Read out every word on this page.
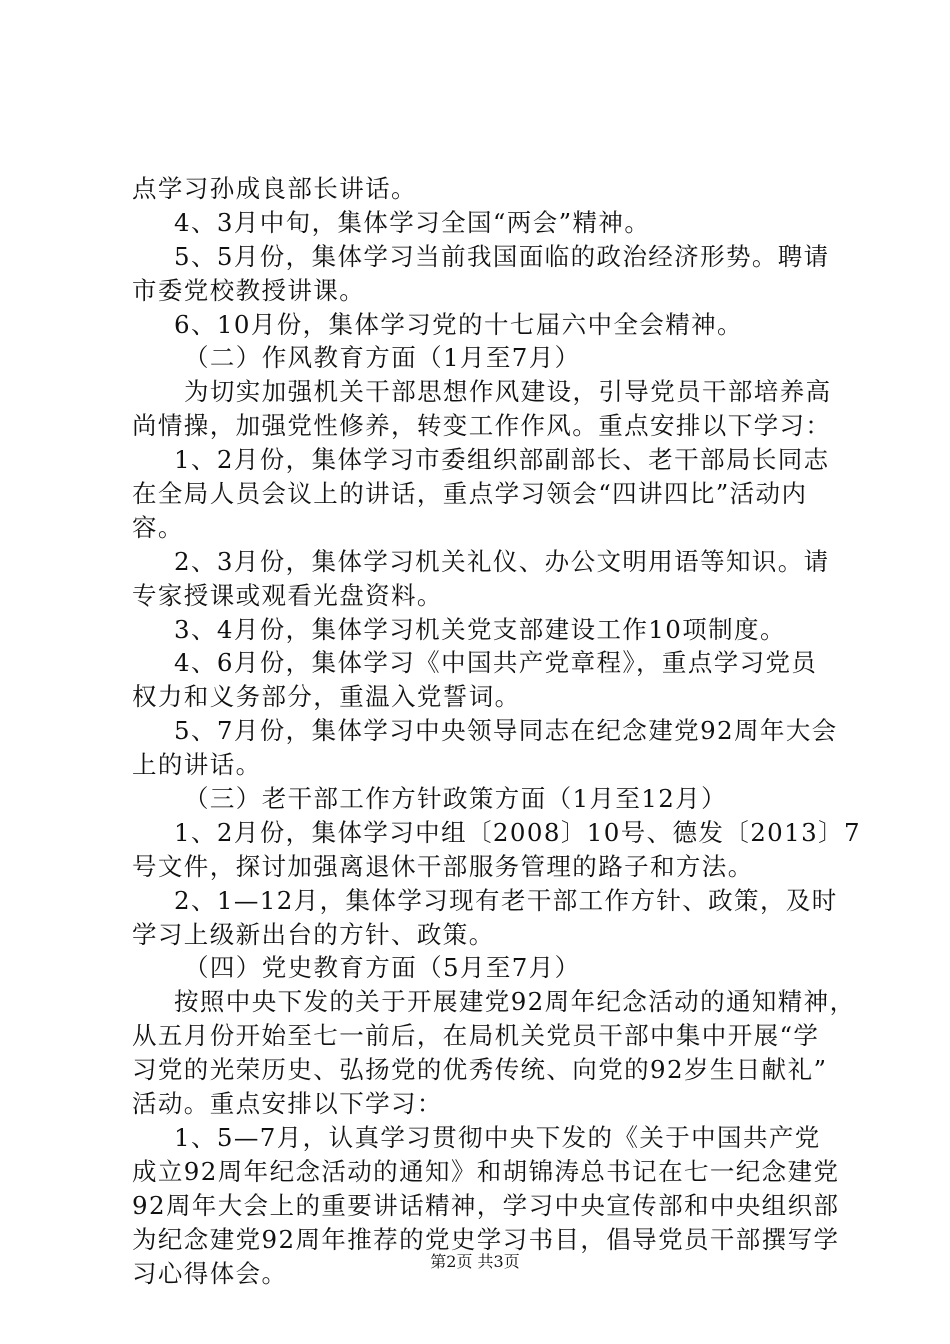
点学习孙成良部长讲话。
4、3月中旬，集体学习全国“两会”精神。
5、5月份，集体学习当前我国面临的政治经济形势。聘请
市委党校教授讲课。
6、10月份，集体学习党的十七届六中全会精神。
（二）作风教育方面（1月至7月）
为切实加强机关干部思想作风建设，引导党员干部培养高
尚情操，加强党性修养，转变工作作风。重点安排以下学习：
1、2月份，集体学习市委组织部副部长、老干部局长同志
在全局人员会议上的讲话，重点学习领会“四讲四比”活动内
容。
2、3月份，集体学习机关礼仪、办公文明用语等知识。请
专家授课或观看光盘资料。
3、4月份，集体学习机关党支部建设工作10项制度。
4、6月份，集体学习《中国共产党章程》，重点学习党员
权力和义务部分，重温入党誓词。
5、7月份，集体学习中央领导同志在纪念建党92周年大会
上的讲话。
（三）老干部工作方针政策方面（1月至12月）
1、2月份，集体学习中组〔2008〕10号、德发〔2013〕7
号文件，探讨加强离退休干部服务管理的路子和方法。
2、1—12月，集体学习现有老干部工作方针、政策，及时
学习上级新出台的方针、政策。
（四）党史教育方面（5月至7月）
按照中央下发的关于开展建党92周年纪念活动的通知精神，
从五月份开始至七一前后，在局机关党员干部中集中开展“学
习党的光荣历史、弘扬党的优秀传统、向党的92岁生日献礼”
活动。重点安排以下学习：
1、5—7月，认真学习贯彻中央下发的《关于中国共产党
成立92周年纪念活动的通知》和胡锦涛总书记在七一纪念建党
92周年大会上的重要讲话精神，学习中央宣传部和中央组织部
为纪念建党92周年推荐的党史学习书目，倡导党员干部撰写学
习心得体会。	第2页 共3页
